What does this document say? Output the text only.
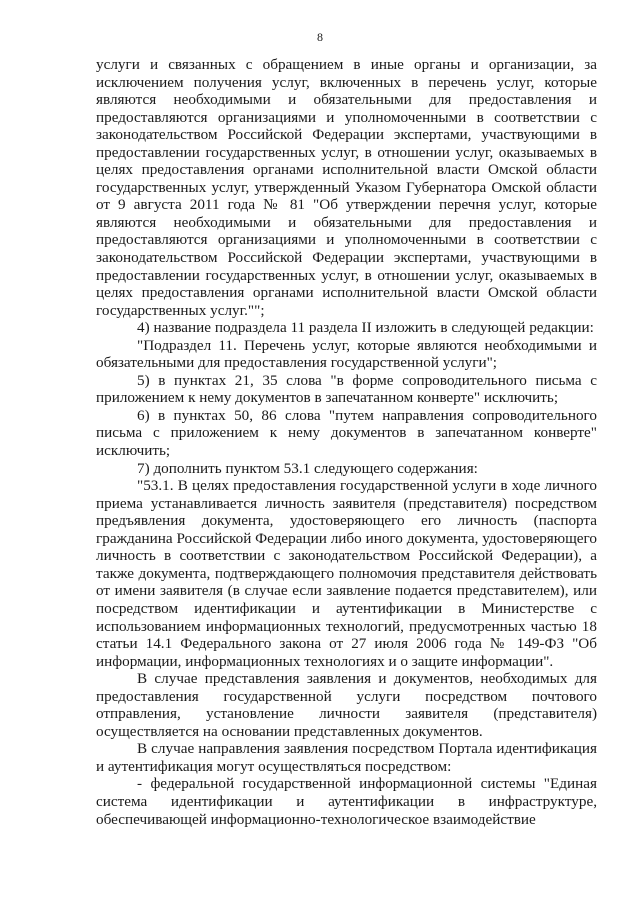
8

услуги и связанных с обращением в иные органы и организации, за исключением получения услуг, включенных в перечень услуг, которые являются необходимыми и обязательными для предоставления и предоставляются организациями и уполномоченными в соответствии с законодательством Российской Федерации экспертами, участвующими в предоставлении государственных услуг, в отношении услуг, оказываемых в целях предоставления органами исполнительной власти Омской области государственных услуг, утвержденный Указом Губернатора Омской области от 9 августа 2011 года № 81 "Об утверждении перечня услуг, которые являются необходимыми и обязательными для предоставления и предоставляются организациями и уполномоченными в соответствии с законодательством Российской Федерации экспертами, участвующими в предоставлении государственных услуг, в отношении услуг, оказываемых в целях предоставления органами исполнительной власти Омской области государственных услуг."";

4) название подраздела 11 раздела II изложить в следующей редакции:

"Подраздел 11. Перечень услуг, которые являются необходимыми и обязательными для предоставления государственной услуги";

5) в пунктах 21, 35 слова "в форме сопроводительного письма с приложением к нему документов в запечатанном конверте" исключить;

6) в пунктах 50, 86 слова "путем направления сопроводительного письма с приложением к нему документов в запечатанном конверте" исключить;

7) дополнить пунктом 53.1 следующего содержания:

"53.1. В целях предоставления государственной услуги в ходе личного приема устанавливается личность заявителя (представителя) посредством предъявления документа, удостоверяющего его личность (паспорта гражданина Российской Федерации либо иного документа, удостоверяющего личность в соответствии с законодательством Российской Федерации), а также документа, подтверждающего полномочия представителя действовать от имени заявителя (в случае если заявление подается представителем), или посредством идентификации и аутентификации в Министерстве с использованием информационных технологий, предусмотренных частью 18 статьи 14.1 Федерального закона от 27 июля 2006 года № 149-ФЗ "Об информации, информационных технологиях и о защите информации".

В случае представления заявления и документов, необходимых для предоставления государственной услуги посредством почтового отправления, установление личности заявителя (представителя) осуществляется на основании представленных документов.

В случае направления заявления посредством Портала идентификация и аутентификация могут осуществляться посредством:

- федеральной государственной информационной системы "Единая система идентификации и аутентификации в инфраструктуре, обеспечивающей информационно-технологическое взаимодействие
